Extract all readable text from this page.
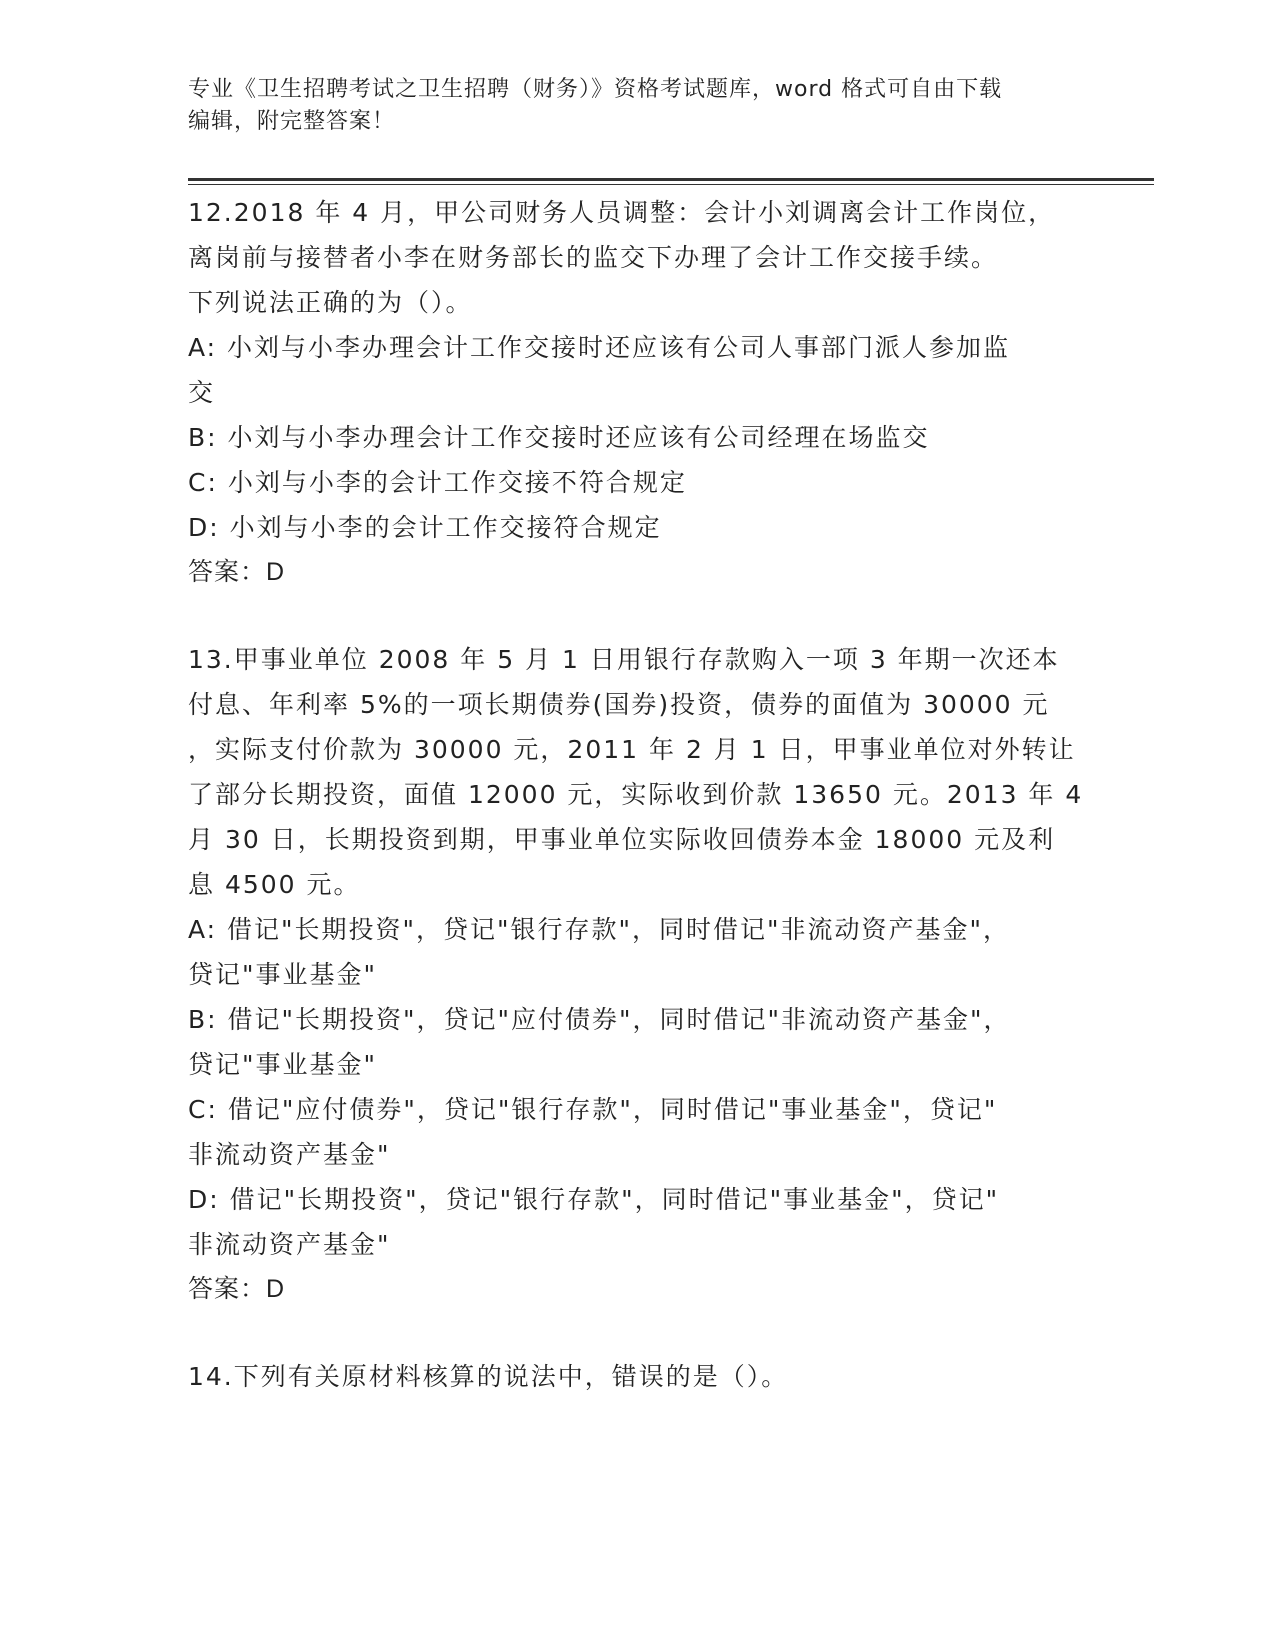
专业《卫生招聘考试之卫生招聘（财务）》资格考试题库，word 格式可自由下载
编辑，附完整答案！
12.2018 年 4 月，甲公司财务人员调整：会计小刘调离会计工作岗位，
离岗前与接替者小李在财务部长的监交下办理了会计工作交接手续。
下列说法正确的为（）。
A: 小刘与小李办理会计工作交接时还应该有公司人事部门派人参加监
交
B: 小刘与小李办理会计工作交接时还应该有公司经理在场监交
C: 小刘与小李的会计工作交接不符合规定
D: 小刘与小李的会计工作交接符合规定
答案：D
13.甲事业单位 2008 年 5 月 1 日用银行存款购入一项 3 年期一次还本
付息、年利率 5%的一项长期债券(国券)投资，债券的面值为 30000 元
，实际支付价款为 30000 元，2011 年 2 月 1 日，甲事业单位对外转让
了部分长期投资，面值 12000 元，实际收到价款 13650 元。2013 年 4
月 30 日，长期投资到期，甲事业单位实际收回债券本金 18000 元及利
息 4500 元。
A: 借记"长期投资"，贷记"银行存款"，同时借记"非流动资产基金"，
贷记"事业基金"
B: 借记"长期投资"，贷记"应付债券"，同时借记"非流动资产基金"，
贷记"事业基金"
C: 借记"应付债券"，贷记"银行存款"，同时借记"事业基金"，贷记"
非流动资产基金"
D: 借记"长期投资"，贷记"银行存款"，同时借记"事业基金"，贷记"
非流动资产基金"
答案：D
14.下列有关原材料核算的说法中，错误的是（）。
